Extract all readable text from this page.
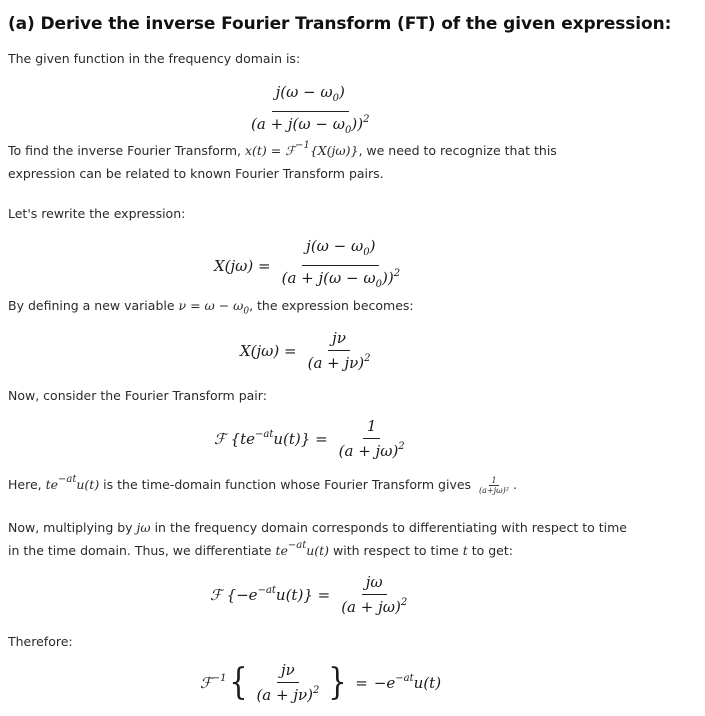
(a) Derive the inverse Fourier Transform (FT) of the given expression:
The given function in the frequency domain is:
$\frac{j(\omega - \omega_0)}{(a + j(\omega - \omega_0))^2}$
To find the inverse Fourier Transform, x(t) = ℱ$^{-1}${X(jω)}, we need to recognize that this
expression can be related to known Fourier Transform pairs.
Let's rewrite the expression:
$X(j\omega) = \frac{j(\omega - \omega_0)}{(a + j(\omega - \omega_0))^2}$
By defining a new variable $\nu = \omega - \omega_0$, the expression becomes:
$X(j\omega) = \frac{j\nu}{(a + j\nu)^2}$
Now, consider the Fourier Transform pair:
ℱ $\{te^{-at}u(t)\} = \frac{1}{(a + j\omega)^2}$
Here, $te^{-at}u(t)$ is the time-domain function whose Fourier Transform gives $\frac{1}{\text{(a+jω)²}}$ .
Now, multiplying by jω in the frequency domain corresponds to differentiating with respect to time
in the time domain. Thus, we differentiate $te^{-at}u(t)$ with respect to time t to get:
ℱ $\{-e^{-at}u(t)\} = \frac{j\omega}{(a + j\omega)^2}$
Therefore:
ℱ$^{-1}$ { $\frac{j\nu}{(a + j\nu)^2}$ } = $-e^{-at}u(t)$
